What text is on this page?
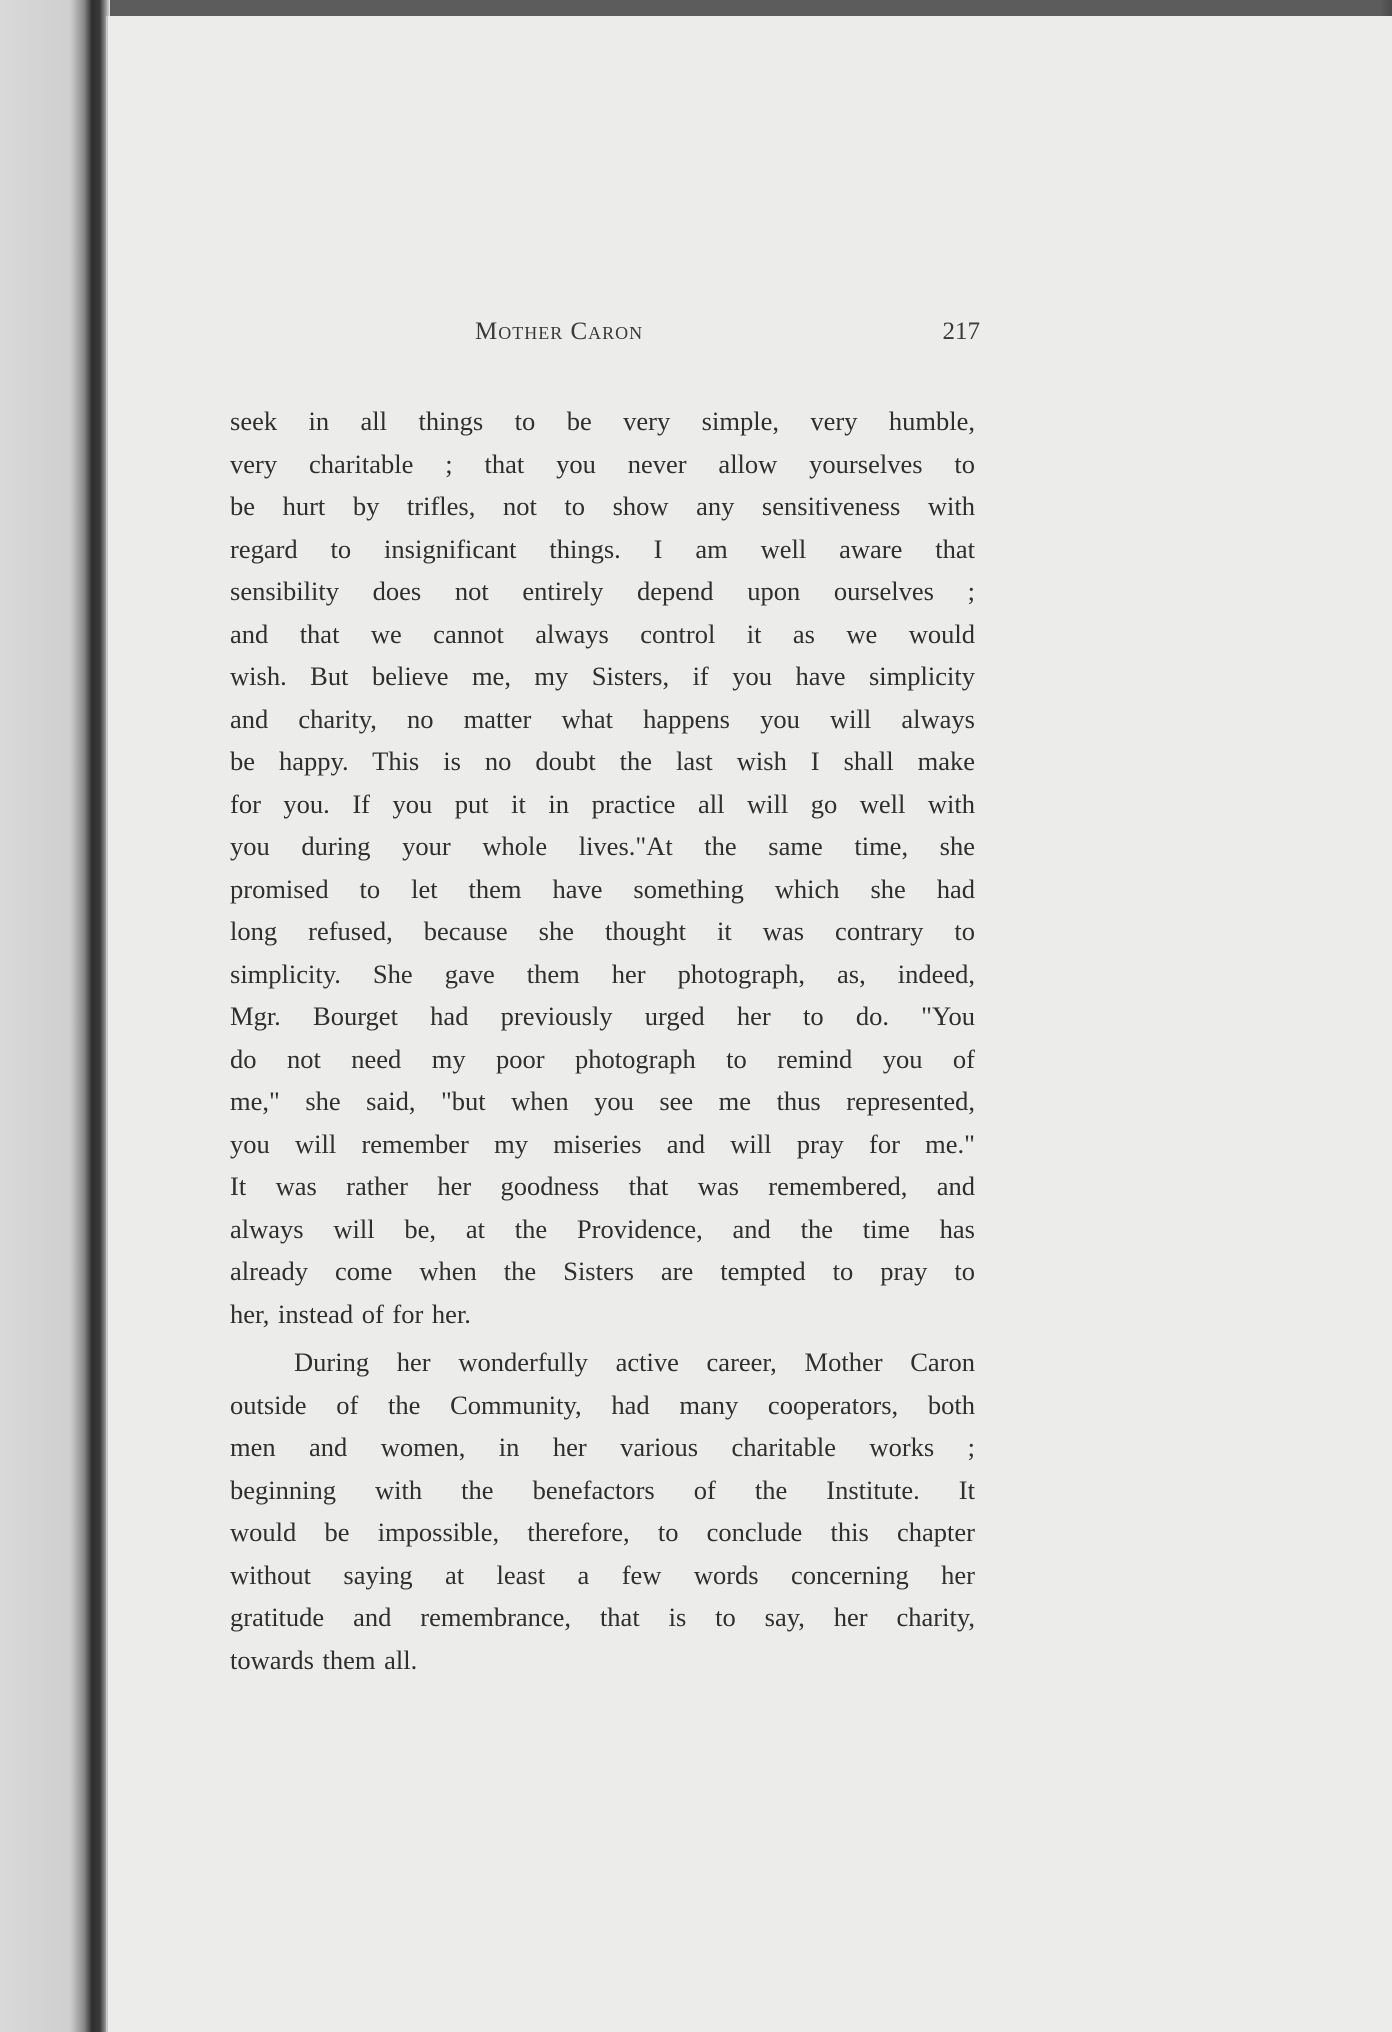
Mother Caron	217

seek in all things to be very simple, very humble,
very charitable ; that you never allow yourselves to
be hurt by trifles, not to show any sensitiveness with
regard to insignificant things. I am well aware that
sensibility does not entirely depend upon ourselves ;
and that we cannot always control it as we would
wish. But believe me, my Sisters, if you have simplicity
and charity, no matter what happens you will always
be happy. This is no doubt the last wish I shall make
for you. If you put it in practice all will go well with
you during your whole lives."At the same time, she
promised to let them have something which she had
long refused, because she thought it was contrary to
simplicity. She gave them her photograph, as, indeed,
Mgr. Bourget had previously urged her to do. "You
do not need my poor photograph to remind you of
me," she said, "but when you see me thus represented,
you will remember my miseries and will pray for me."
It was rather her goodness that was remembered, and
always will be, at the Providence, and the time has
already come when the Sisters are tempted to pray to
her, instead of for her.

During her wonderfully active career, Mother Caron
outside of the Community, had many cooperators, both
men and women, in her various charitable works ;
beginning with the benefactors of the Institute. It
would be impossible, therefore, to conclude this chapter
without saying at least a few words concerning her
gratitude and remembrance, that is to say, her charity,
towards them all.
